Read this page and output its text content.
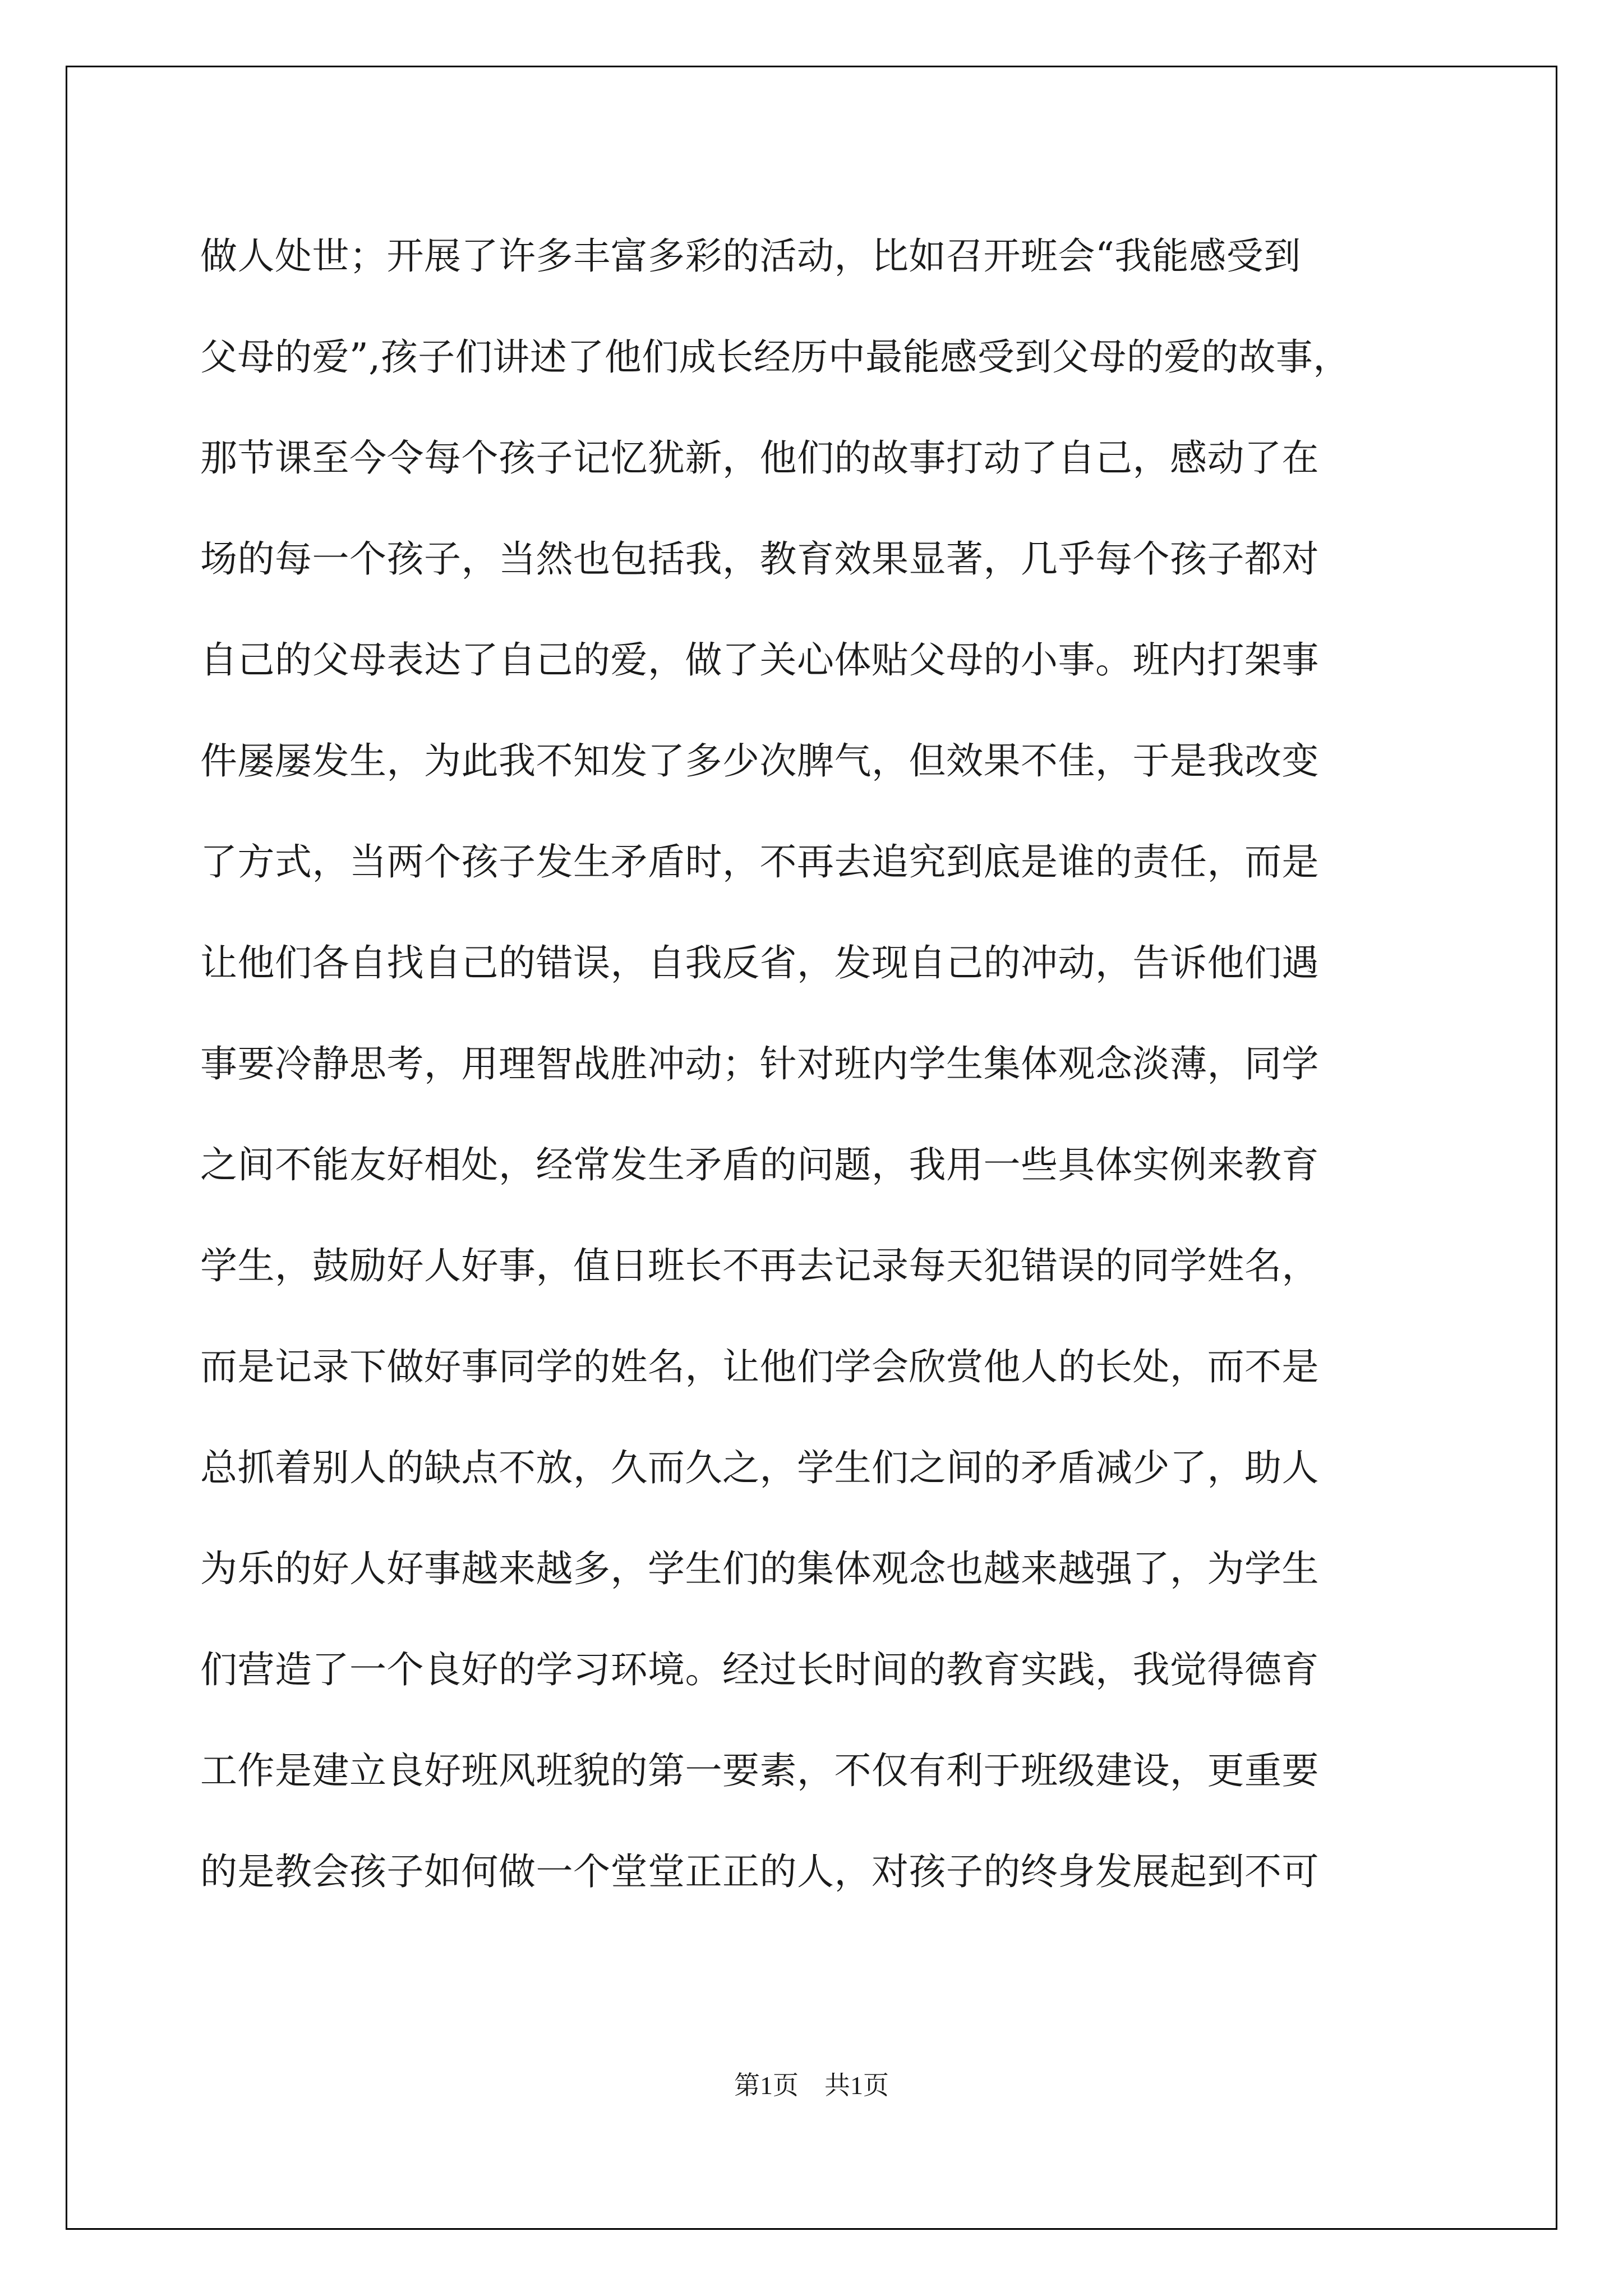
做人处世；开展了许多丰富多彩的活动，比如召开班会“我能感受到
父母的爱”,孩子们讲述了他们成长经历中最能感受到父母的爱的故事，
那节课至今令每个孩子记忆犹新，他们的故事打动了自己，感动了在
场的每一个孩子，当然也包括我，教育效果显著，几乎每个孩子都对
自己的父母表达了自己的爱，做了关心体贴父母的小事。班内打架事
件屡屡发生，为此我不知发了多少次脾气，但效果不佳，于是我改变
了方式，当两个孩子发生矛盾时，不再去追究到底是谁的责任，而是
让他们各自找自己的错误，自我反省，发现自己的冲动，告诉他们遇
事要冷静思考，用理智战胜冲动；针对班内学生集体观念淡薄，同学
之间不能友好相处，经常发生矛盾的问题，我用一些具体实例来教育
学生，鼓励好人好事，值日班长不再去记录每天犯错误的同学姓名，
而是记录下做好事同学的姓名，让他们学会欣赏他人的长处，而不是
总抓着别人的缺点不放，久而久之，学生们之间的矛盾减少了，助人
为乐的好人好事越来越多，学生们的集体观念也越来越强了，为学生
们营造了一个良好的学习环境。经过长时间的教育实践，我觉得德育
工作是建立良好班风班貌的第一要素，不仅有利于班级建设，更重要
的是教会孩子如何做一个堂堂正正的人，对孩子的终身发展起到不可
第1页　共1页
